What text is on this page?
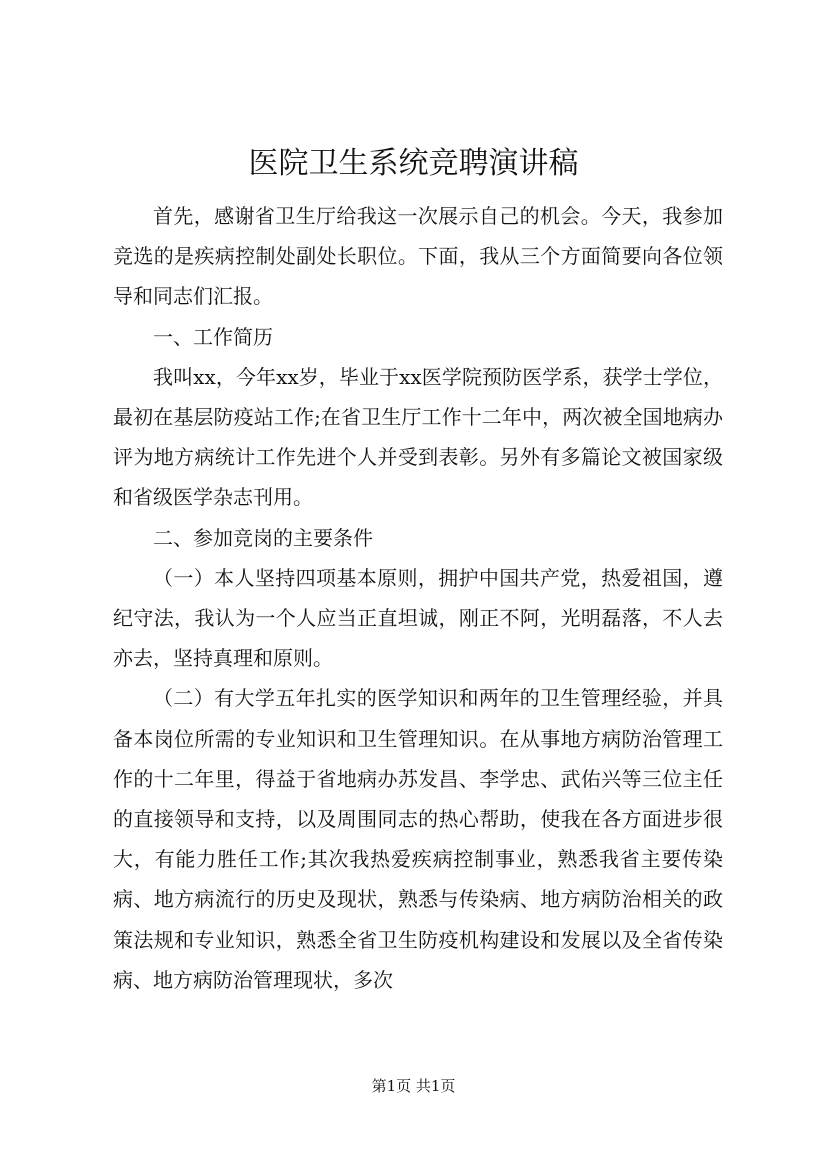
医院卫生系统竞聘演讲稿

首先，感谢省卫生厅给我这一次展示自己的机会。今天，我参加竞选的是疾病控制处副处长职位。下面，我从三个方面简要向各位领导和同志们汇报。

一、工作简历

我叫xx，今年xx岁，毕业于xx医学院预防医学系，获学士学位，最初在基层防疫站工作;在省卫生厅工作十二年中，两次被全国地病办评为地方病统计工作先进个人并受到表彰。另外有多篇论文被国家级和省级医学杂志刊用。

二、参加竞岗的主要条件

（一）本人坚持四项基本原则，拥护中国共产党，热爱祖国，遵纪守法，我认为一个人应当正直坦诚，刚正不阿，光明磊落，不人去亦去，坚持真理和原则。

（二）有大学五年扎实的医学知识和两年的卫生管理经验，并具备本岗位所需的专业知识和卫生管理知识。在从事地方病防治管理工作的十二年里，得益于省地病办苏发昌、李学忠、武佑兴等三位主任的直接领导和支持，以及周围同志的热心帮助，使我在各方面进步很大，有能力胜任工作;其次我热爱疾病控制事业，熟悉我省主要传染病、地方病流行的历史及现状，熟悉与传染病、地方病防治相关的政策法规和专业知识，熟悉全省卫生防疫机构建设和发展以及全省传染病、地方病防治管理现状，多次

第1页 共1页
